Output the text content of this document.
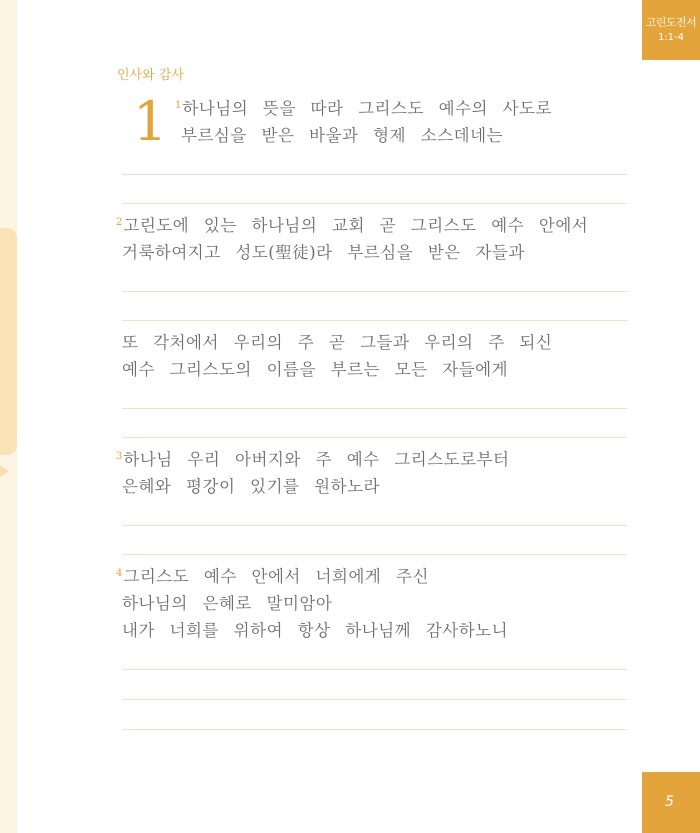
고린도전서
1:1-4
인사와 감사
1 $^1$하나님의 뜻을 따라 그리스도 예수의 사도로
부르심을 받은 바울과 형제 소스데네는
$^2$고린도에 있는 하나님의 교회 곧 그리스도 예수 안에서
거룩하여지고 성도(聖徒)라 부르심을 받은 자들과
또 각처에서 우리의 주 곧 그들과 우리의 주 되신
예수 그리스도의 이름을 부르는 모든 자들에게
$^3$하나님 우리 아버지와 주 예수 그리스도로부터
은혜와 평강이 있기를 원하노라
$^4$그리스도 예수 안에서 너희에게 주신
하나님의 은혜로 말미암아
내가 너희를 위하여 항상 하나님께 감사하노니
5
